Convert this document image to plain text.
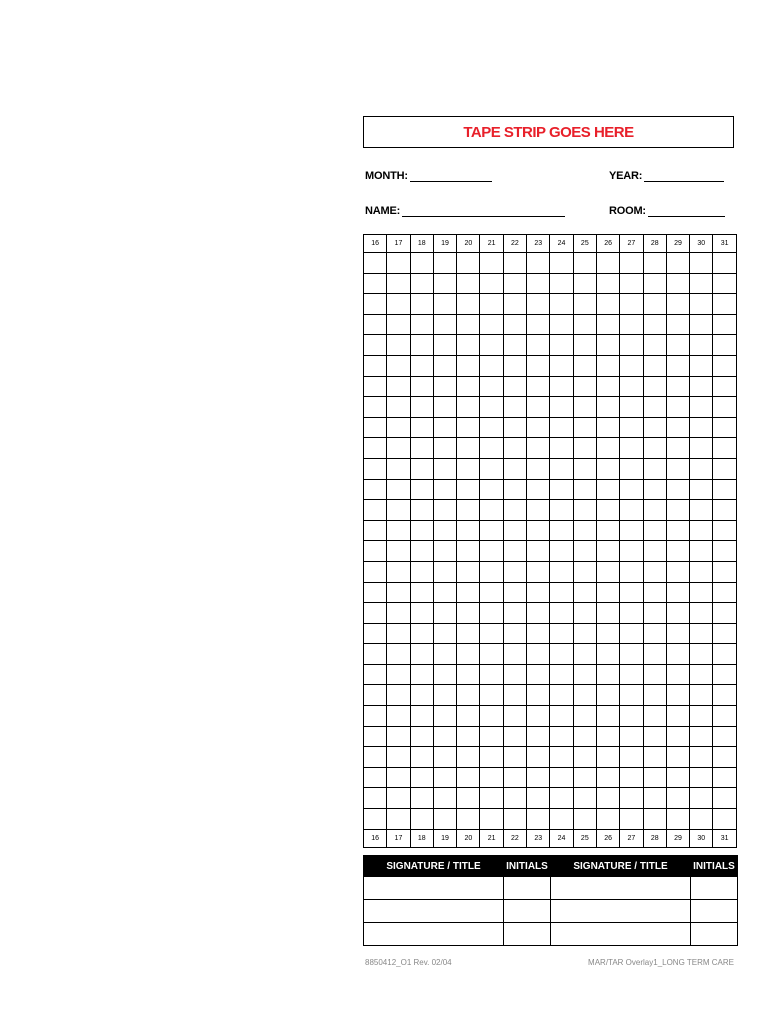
TAPE STRIP GOES HERE
MONTH:	YEAR:
NAME:	ROOM:
16	17	18	19	20	21	22	23	24	25	26	27	28	29	30	31

16	17	18	19	20	21	22	23	24	25	26	27	28	29	30	31
SIGNATURE / TITLE	INITIALS	SIGNATURE / TITLE	INITIALS

8850412_O1 Rev. 02/04	MAR/TAR Overlay1_LONG TERM CARE
